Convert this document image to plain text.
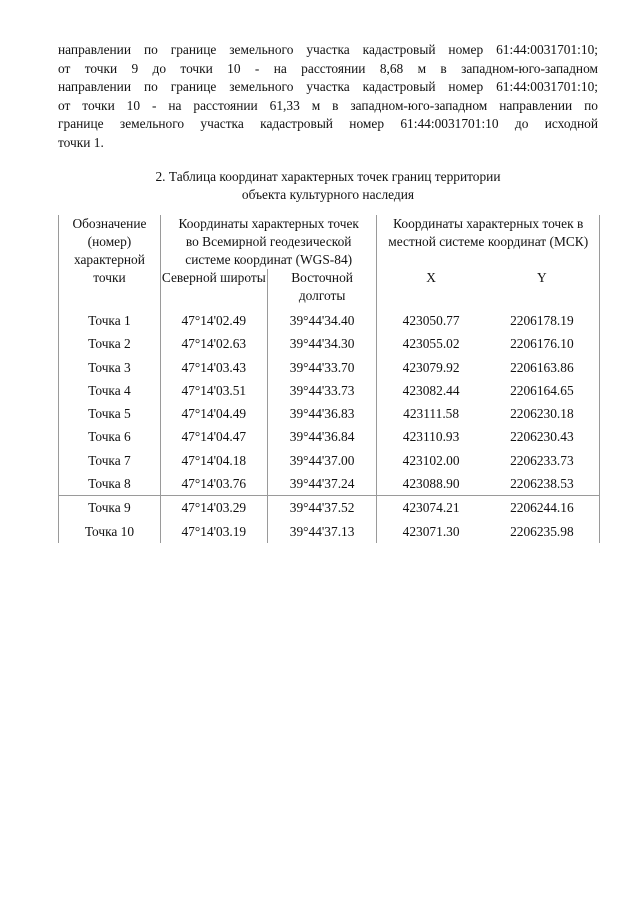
направлении по границе земельного участка кадастровый номер 61:44:0031701:10;

от точки 9 до точки 10 - на расстоянии 8,68 м в западном-юго-западном

направлении по границе земельного участка кадастровый номер 61:44:0031701:10;

от точки 10 - на расстоянии 61,33 м в западном-юго-западном направлении по

границе земельного участка кадастровый номер 61:44:0031701:10 до исходной

точки 1.

2. Таблица координат характерных точек границ территории
объекта культурного наследия
Обозначение (номер) характерной точки	Координаты характерных точек во Всемирной геодезической системе координат (WGS-84)		Координаты характерных точек в местной системе координат (МСК)	
	Северной широты	Восточной долготы	X	Y
Точка 1	47°14'02.49	39°44'34.40	423050.77	2206178.19
Точка 2	47°14'02.63	39°44'34.30	423055.02	2206176.10
Точка 3	47°14'03.43	39°44'33.70	423079.92	2206163.86
Точка 4	47°14'03.51	39°44'33.73	423082.44	2206164.65
Точка 5	47°14'04.49	39°44'36.83	423111.58	2206230.18
Точка 6	47°14'04.47	39°44'36.84	423110.93	2206230.43
Точка 7	47°14'04.18	39°44'37.00	423102.00	2206233.73
Точка 8	47°14'03.76	39°44'37.24	423088.90	2206238.53
Точка 9	47°14'03.29	39°44'37.52	423074.21	2206244.16
Точка 10	47°14'03.19	39°44'37.13	423071.30	2206235.98
